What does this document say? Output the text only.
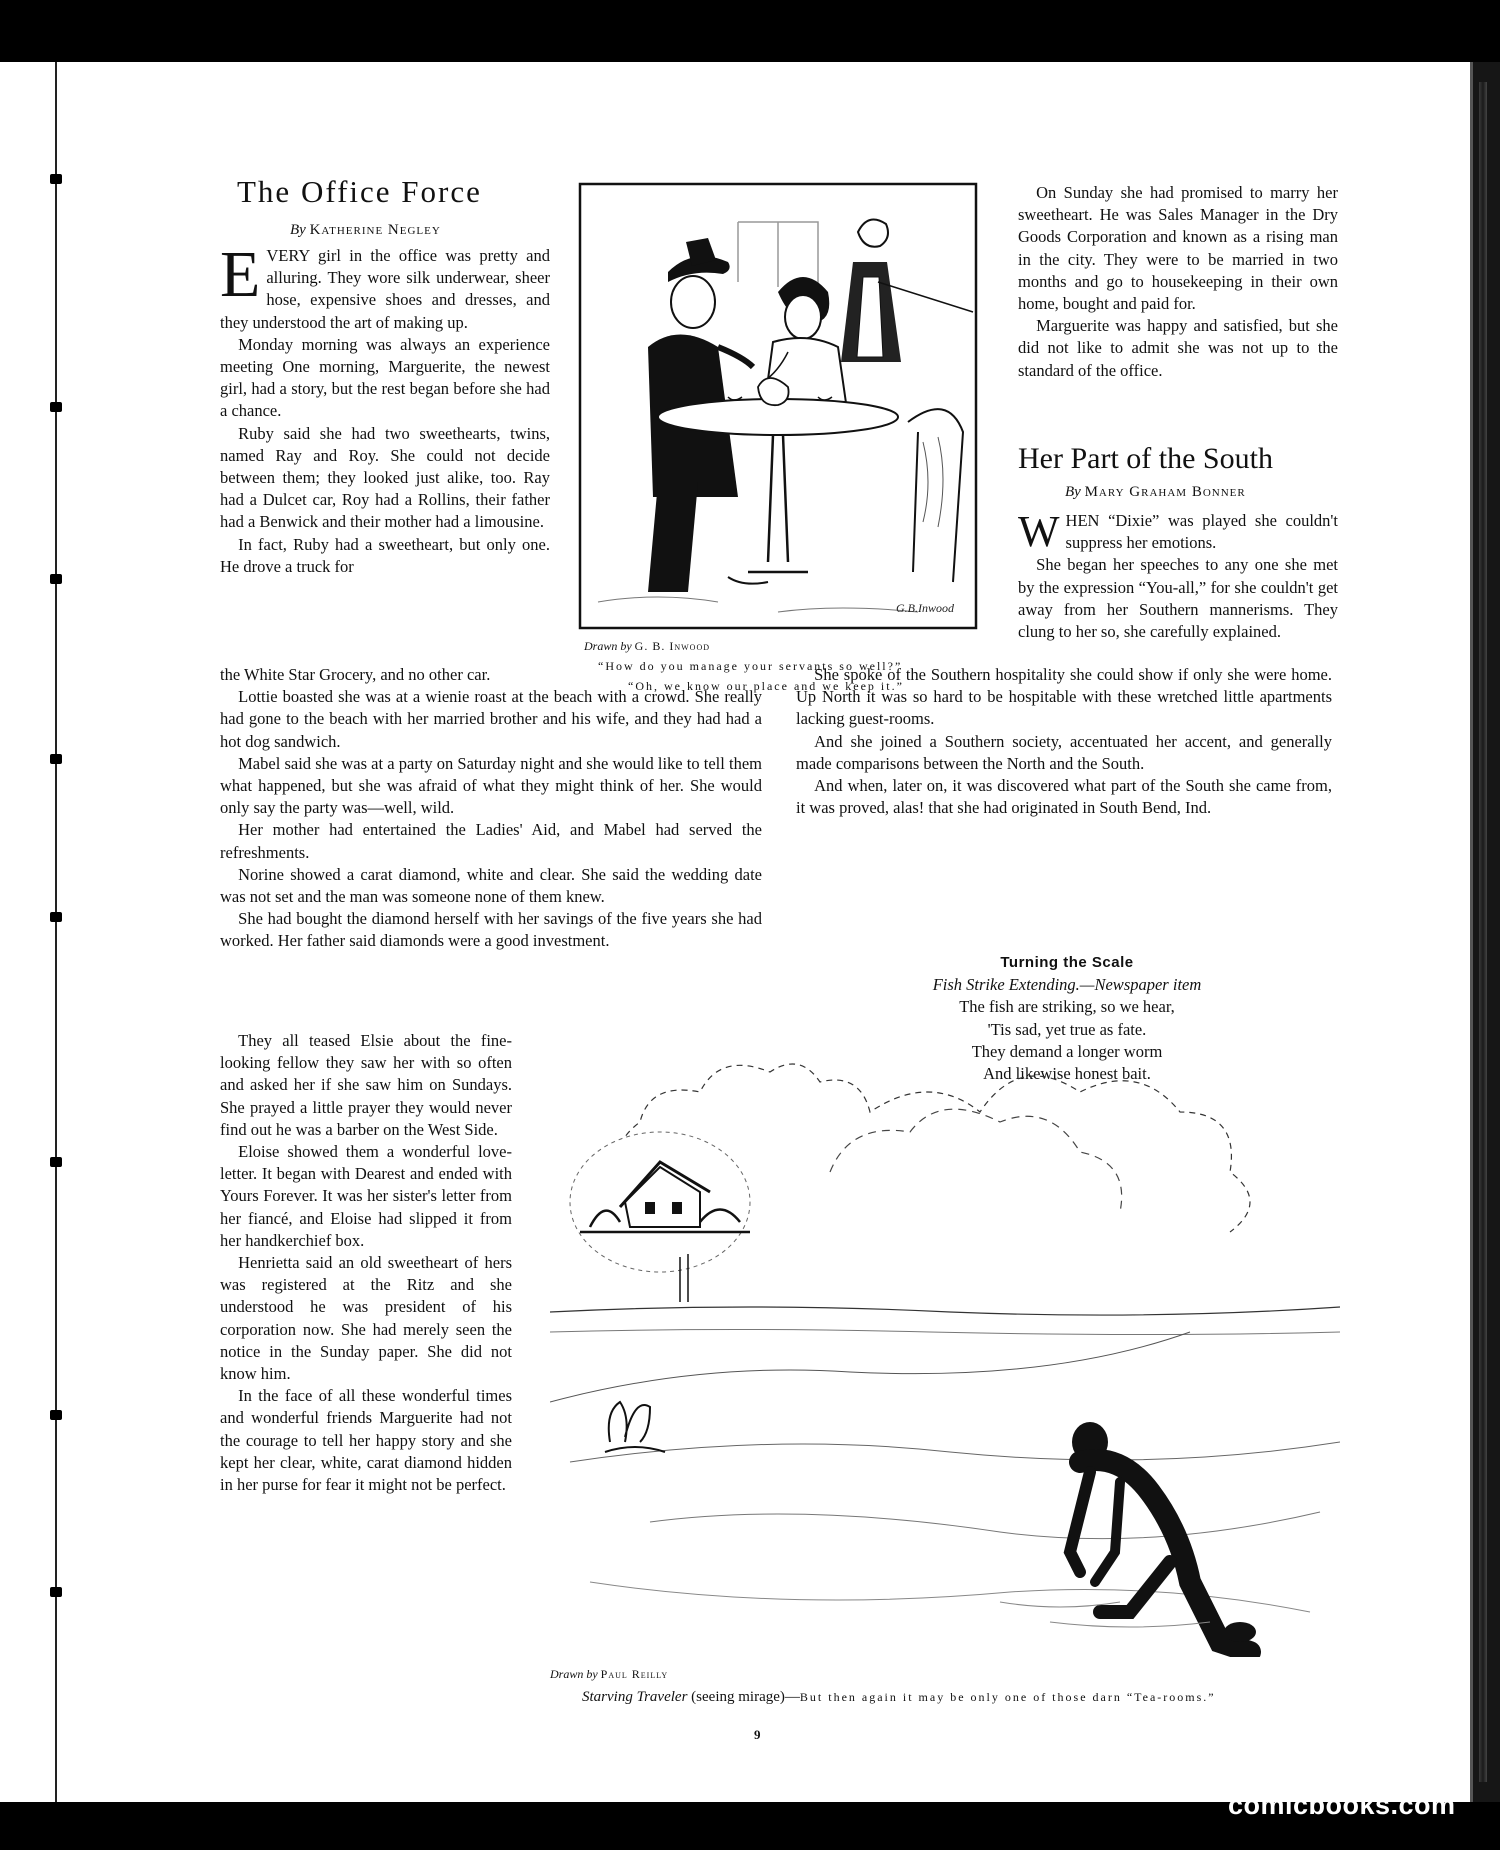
The Office Force
By Katherine Negley

EVERY girl in the office was pretty and alluring. They wore silk underwear, sheer hose, expensive shoes and dresses, and they understood the art of making up.

Monday morning was always an experience meeting One morning, Marguerite, the newest girl, had a story, but the rest began before she had a chance.

Ruby said she had two sweethearts, twins, named Ray and Roy. She could not decide between them; they looked just alike, too. Ray had a Dulcet car, Roy had a Rollins, their father had a Benwick and their mother had a limousine.

In fact, Ruby had a sweetheart, but only one. He drove a truck for

the White Star Grocery, and no other car.

Lottie boasted she was at a wienie roast at the beach with a crowd. She really had gone to the beach with her married brother and his wife, and they had had a hot dog sandwich.

Mabel said she was at a party on Saturday night and she would like to tell them what happened, but she was afraid of what they might think of her. She would only say the party was—well, wild.

Her mother had entertained the Ladies' Aid, and Mabel had served the refreshments.

Norine showed a carat diamond, white and clear. She said the wedding date was not set and the man was someone none of them knew.

She had bought the diamond herself with her savings of the five years she had worked. Her father said diamonds were a good investment.

They all teased Elsie about the fine-looking fellow they saw her with so often and asked her if she saw him on Sundays. She prayed a little prayer they would never find out he was a barber on the West Side.

Eloise showed them a wonderful love-letter. It began with Dearest and ended with Yours Forever. It was her sister's letter from her fiancé, and Eloise had slipped it from her handkerchief box.

Henrietta said an old sweetheart of hers was registered at the Ritz and she understood he was president of his corporation now. She had merely seen the notice in the Sunday paper. She did not know him.

In the face of all these wonderful times and wonderful friends Marguerite had not the courage to tell her happy story and she kept her clear, white, carat diamond hidden in her purse for fear it might not be perfect.

On Sunday she had promised to marry her sweetheart. He was Sales Manager in the Dry Goods Corporation and known as a rising man in the city. They were to be married in two months and go to housekeeping in their own home, bought and paid for.

Marguerite was happy and satisfied, but she did not like to admit she was not up to the standard of the office.

G.B.Inwood
Drawn by G. B. Inwood
“How do you manage your servants so well?”
“Oh, we know our place and we keep it.”
Her Part of the South
By Mary Graham Bonner

WHEN “Dixie” was played she couldn't suppress her emotions.

She began her speeches to any one she met by the expression “You-all,” for she couldn't get away from her Southern mannerisms. They clung to her so, she carefully explained.

She spoke of the Southern hospitality she could show if only she were home. Up North it was so hard to be hospitable with these wretched little apartments lacking guest-rooms.

And she joined a Southern society, accentuated her accent, and generally made comparisons between the North and the South.

And when, later on, it was discovered what part of the South she came from, it was proved, alas! that she had originated in South Bend, Ind.

Turning the Scale
Fish Strike Extending.—Newspaper item
The fish are striking, so we hear,
'Tis sad, yet true as fate.
They demand a longer worm
And likewise honest bait.
Drawn by Paul Reilly
Starving Traveler (seeing mirage)—But then again it may be only one of those darn “Tea-rooms.”
9
comicbooks.com
